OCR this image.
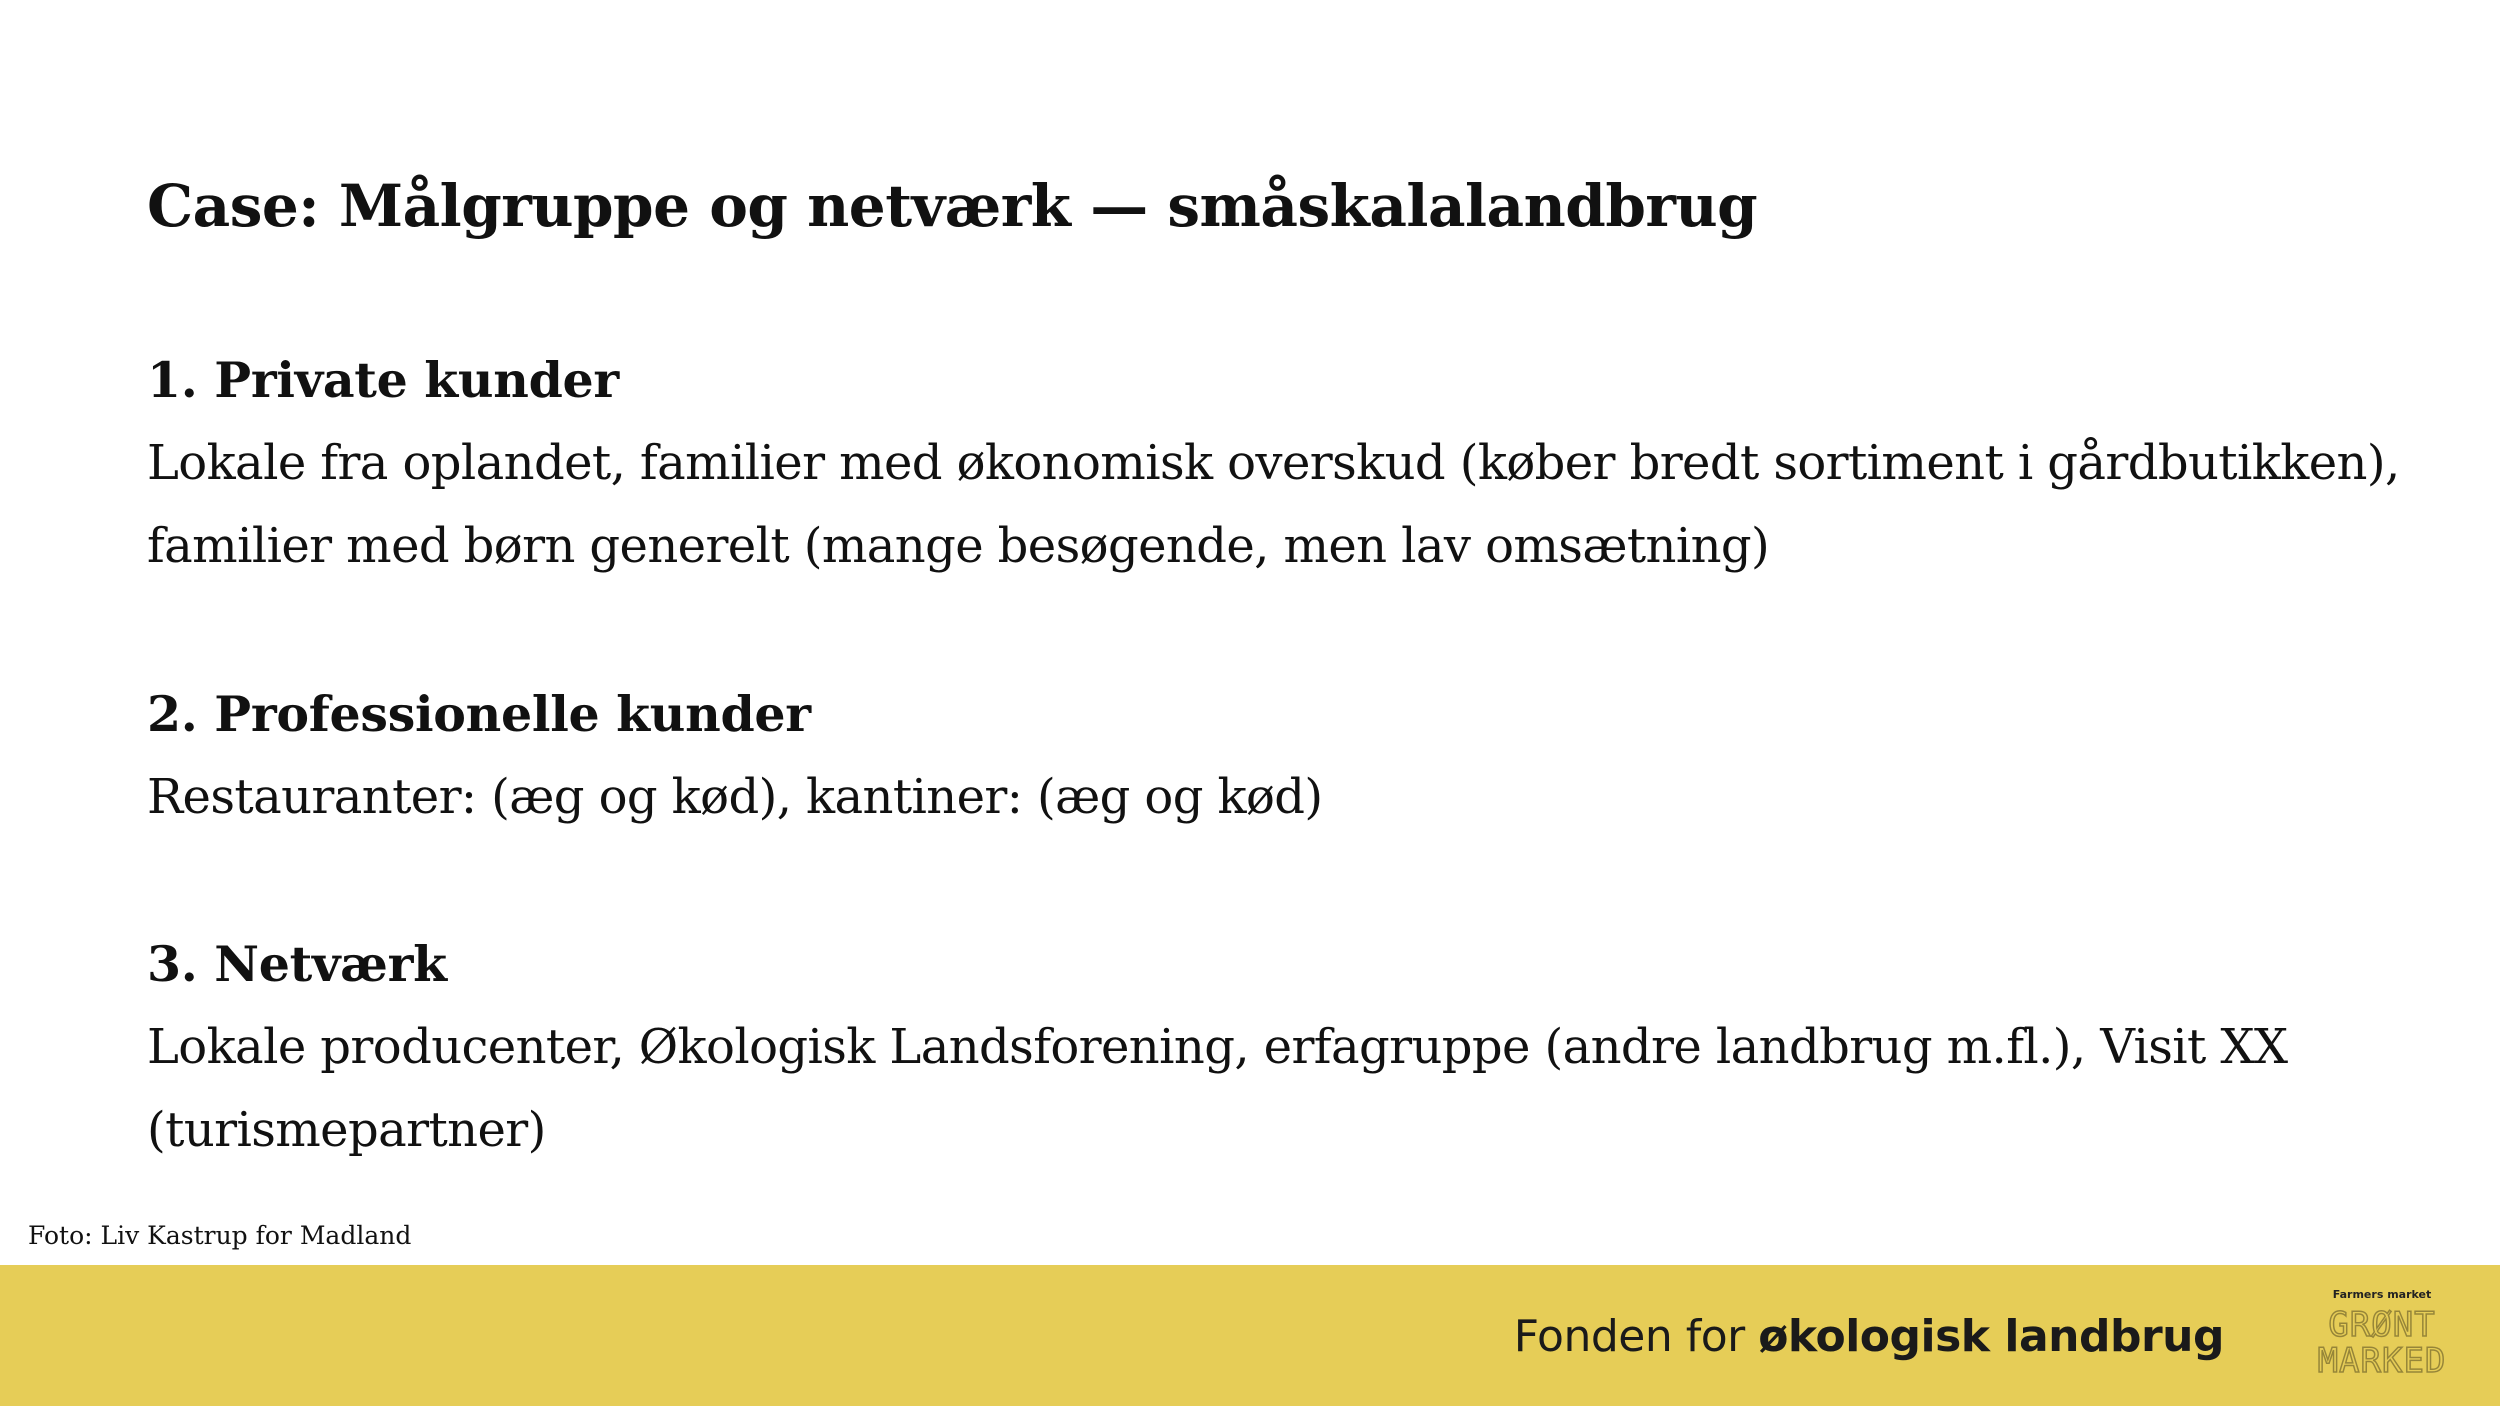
Case: Målgruppe og netværk — småskalalandbrug
1. Private kunder

Lokale fra oplandet, familier med økonomisk overskud (køber bredt sortiment i gårdbutikken),
familier med børn generelt (mange besøgende, men lav omsætning)

2. Professionelle kunder

Restauranter: (æg og kød), kantiner: (æg og kød)

3. Netværk

Lokale producenter, Økologisk Landsforening, erfagruppe (andre landbrug m.fl.), Visit XX
(turismepartner)

Foto: Liv Kastrup for Madland
Fonden for økologisk landbrug
Farmers market
GRØNT
MARKED
